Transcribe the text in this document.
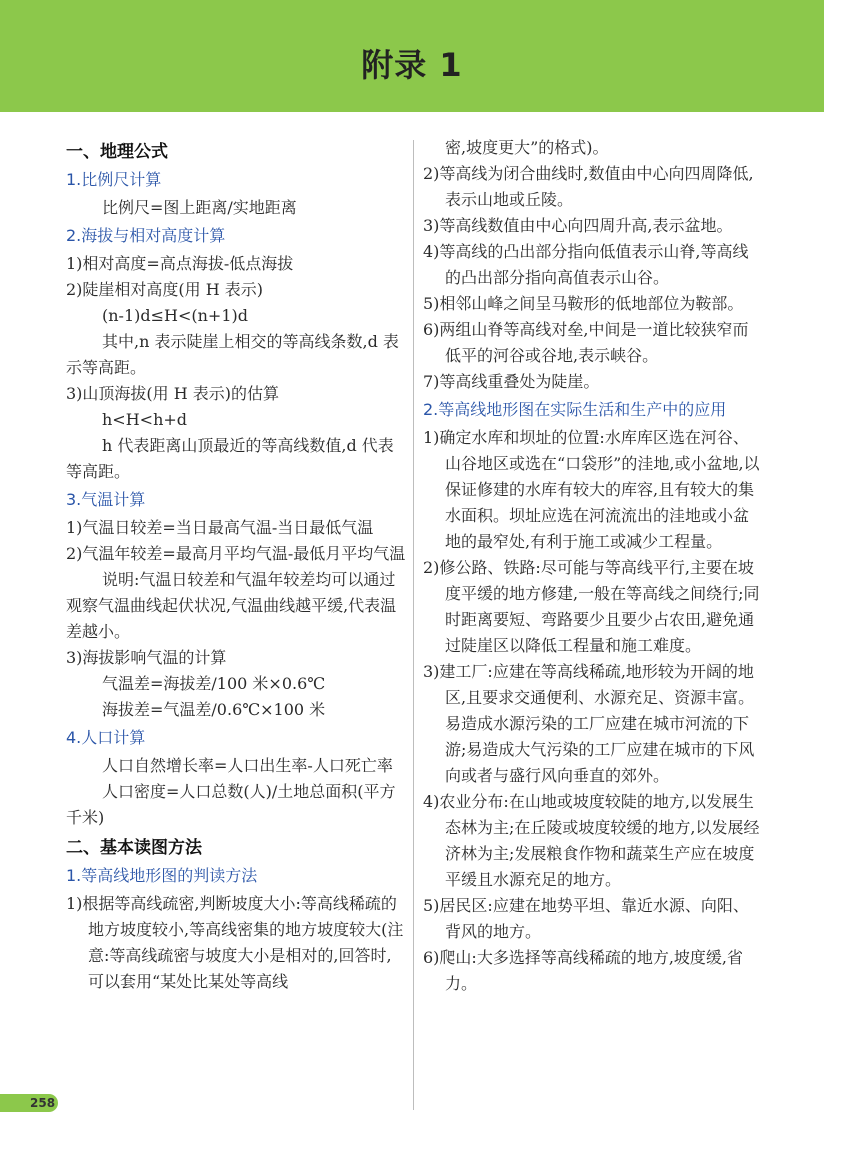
附录 1
一、地理公式
1.比例尺计算
比例尺=图上距离/实地距离
2.海拔与相对高度计算
1)相对高度=高点海拔-低点海拔
2)陡崖相对高度(用 H 表示)
(n-1)d≤H<(n+1)d
其中,n 表示陡崖上相交的等高线条数,d 表示等高距。
3)山顶海拔(用 H 表示)的估算
h<H<h+d
h 代表距离山顶最近的等高线数值,d 代表等高距。
3.气温计算
1)气温日较差=当日最高气温-当日最低气温
2)气温年较差=最高月平均气温-最低月平均气温
说明:气温日较差和气温年较差均可以通过观察气温曲线起伏状况,气温曲线越平缓,代表温差越小。
3)海拔影响气温的计算
气温差=海拔差/100 米×0.6℃
海拔差=气温差/0.6℃×100 米
4.人口计算
人口自然增长率=人口出生率-人口死亡率
人口密度=人口总数(人)/土地总面积(平方千米)
二、基本读图方法
1.等高线地形图的判读方法
1)根据等高线疏密,判断坡度大小:等高线稀疏的地方坡度较小,等高线密集的地方坡度较大(注意:等高线疏密与坡度大小是相对的,回答时,可以套用“某处比某处等高线
密,坡度更大”的格式)。
2)等高线为闭合曲线时,数值由中心向四周降低,表示山地或丘陵。
3)等高线数值由中心向四周升高,表示盆地。
4)等高线的凸出部分指向低值表示山脊,等高线的凸出部分指向高值表示山谷。
5)相邻山峰之间呈马鞍形的低地部位为鞍部。
6)两组山脊等高线对垒,中间是一道比较狭窄而低平的河谷或谷地,表示峡谷。
7)等高线重叠处为陡崖。
2.等高线地形图在实际生活和生产中的应用
1)确定水库和坝址的位置:水库库区选在河谷、山谷地区或选在“口袋形”的洼地,或小盆地,以保证修建的水库有较大的库容,且有较大的集水面积。坝址应选在河流流出的洼地或小盆地的最窄处,有利于施工或减少工程量。
2)修公路、铁路:尽可能与等高线平行,主要在坡度平缓的地方修建,一般在等高线之间绕行;同时距离要短、弯路要少且要少占农田,避免通过陡崖区以降低工程量和施工难度。
3)建工厂:应建在等高线稀疏,地形较为开阔的地区,且要求交通便利、水源充足、资源丰富。易造成水源污染的工厂应建在城市河流的下游;易造成大气污染的工厂应建在城市的下风向或者与盛行风向垂直的郊外。
4)农业分布:在山地或坡度较陡的地方,以发展生态林为主;在丘陵或坡度较缓的地方,以发展经济林为主;发展粮食作物和蔬菜生产应在坡度平缓且水源充足的地方。
5)居民区:应建在地势平坦、靠近水源、向阳、背风的地方。
6)爬山:大多选择等高线稀疏的地方,坡度缓,省力。
258
